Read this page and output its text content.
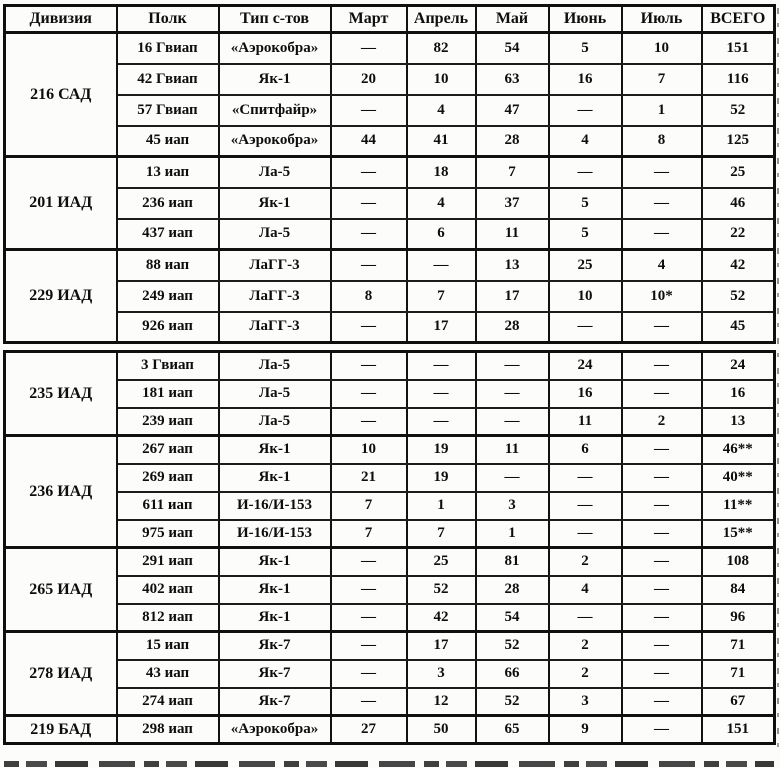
Дивизия	Полк	Тип с-тов	Март	Апрель	Май	Июнь	Июль	ВСЕГО
216 САД	16 Гвиап	«Аэрокобра»	—	82	54	5	10	151
	42 Гвиап	Як-1	20	10	63	16	7	116
	57 Гвиап	«Спитфайр»	—	4	47	—	1	52
	45 иап	«Аэрокобра»	44	41	28	4	8	125
201 ИАД	13 иап	Ла-5	—	18	7	—	—	25
	236 иап	Як-1	—	4	37	5	—	46
	437 иап	Ла-5	—	6	11	5	—	22
229 ИАД	88 иап	ЛаГГ-3	—	—	13	25	4	42
	249 иап	ЛаГГ-3	8	7	17	10	10*	52
	926 иап	ЛаГГ-3	—	17	28	—	—	45
235 ИАД	3 Гвиап	Ла-5	—	—	—	24	—	24
	181 иап	Ла-5	—	—	—	16	—	16
	239 иап	Ла-5	—	—	—	11	2	13
236 ИАД	267 иап	Як-1	10	19	11	6	—	46**
	269 иап	Як-1	21	19	—	—	—	40**
	611 иап	И-16/И-153	7	1	3	—	—	11**
	975 иап	И-16/И-153	7	7	1	—	—	15**
265 ИАД	291 иап	Як-1	—	25	81	2	—	108
	402 иап	Як-1	—	52	28	4	—	84
	812 иап	Як-1	—	42	54	—	—	96
278 ИАД	15 иап	Як-7	—	17	52	2	—	71
	43 иап	Як-7	—	3	66	2	—	71
	274 иап	Як-7	—	12	52	3	—	67
219 БАД	298 иап	«Аэрокобра»	27	50	65	9	—	151
